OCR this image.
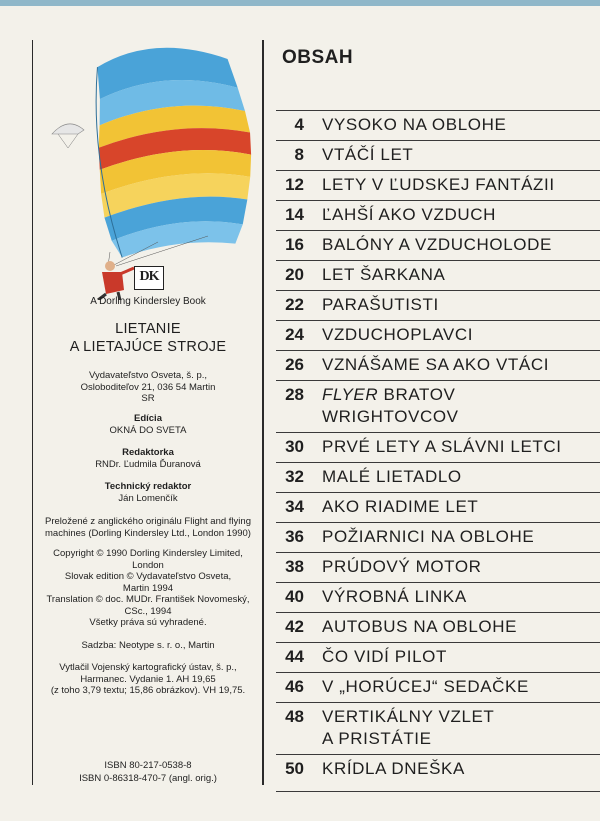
DK
A Dorling Kindersley Book
LIETANIE
A LIETAJÚCE STROJE
Vydavateľstvo Osveta, š. p.,
Osloboditeľov 21, 036 54 Martin
SR
Edícia
OKNÁ DO SVETA
Redaktorka
RNDr. Ľudmila Ďuranová
Technický redaktor
Ján Lomenčík
Preložené z anglického originálu Flight and flying
machines (Dorling Kindersley Ltd., London 1990)
Copyright © 1990 Dorling Kindersley Limited,
London
Slovak edition © Vydavateľstvo Osveta,
Martin 1994
Translation © doc. MUDr. František Novomeský,
CSc., 1994
Všetky práva sú vyhradené.
Sadzba: Neotype s. r. o., Martin
Vytlačil Vojenský kartografický ústav, š. p.,
Harmanec. Vydanie 1. AH 19,65
(z toho 3,79 textu; 15,86 obrázkov). VH 19,75.
ISBN 80-217-0538-8
ISBN 0-86318-470-7 (angl. orig.)
OBSAH
4 VYSOKO NA OBLOHE
8 VTÁČÍ LET
12 LETY V ĽUDSKEJ FANTÁZII
14 ĽAHŠÍ AKO VZDUCH
16 BALÓNY A VZDUCHOLODE
20 LET ŠARKANA
22 PARAŠUTISTI
24 VZDUCHOPLAVCI
26 VZNÁŠAME SA AKO VTÁCI
28 FLYER BRATOV
WRIGHTOVCOV
30 PRVÉ LETY A SLÁVNI LETCI
32 MALÉ LIETADLO
34 AKO RIADIME LET
36 POŽIARNICI NA OBLOHE
38 PRÚDOVÝ MOTOR
40 VÝROBNÁ LINKA
42 AUTOBUS NA OBLOHE
44 ČO VIDÍ PILOT
46 V „HORÚCEJ“ SEDAČKE
48 VERTIKÁLNY VZLET
A PRISTÁTIE
50 KRÍDLA DNEŠKA
